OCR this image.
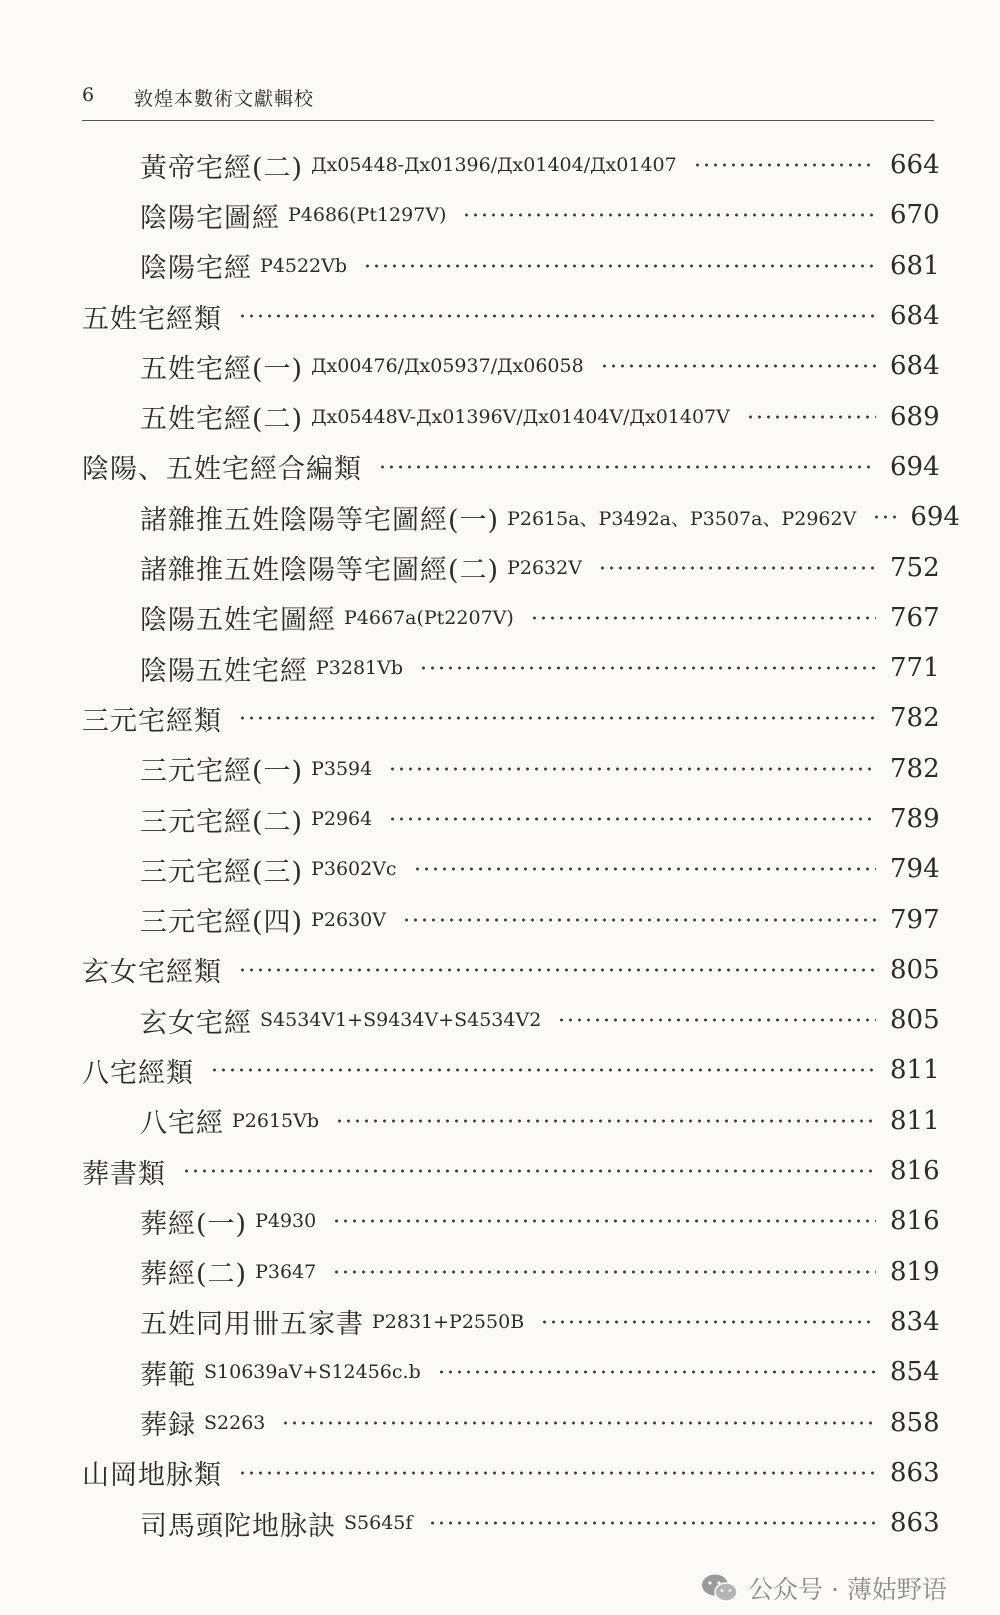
6	敦煌本數術文獻輯校
黃帝宅經(二) Дx05448-Дx01396/Дx01404/Дx01407	664
陰陽宅圖經 P4686(Pt1297V)	670
陰陽宅經 P4522Vb	681
五姓宅經類	684
五姓宅經(一) Дx00476/Дx05937/Дx06058	684
五姓宅經(二) Дx05448V-Дx01396V/Дx01404V/Дx01407V	689
陰陽、五姓宅經合編類	694
諸雜推五姓陰陽等宅圖經(一) P2615a、P3492a、P3507a、P2962V 694
諸雜推五姓陰陽等宅圖經(二) P2632V	752
陰陽五姓宅圖經 P4667a(Pt2207V)	767
陰陽五姓宅經 P3281Vb	771
三元宅經類	782
三元宅經(一) P3594	782
三元宅經(二) P2964	789
三元宅經(三) P3602Vc	794
三元宅經(四) P2630V	797
玄女宅經類	805
玄女宅經 S4534V1+S9434V+S4534V2	805
八宅經類	811
八宅經 P2615Vb	811
葬書類	816
葬經(一) P4930	816
葬經(二) P3647	819
五姓同用卌五家書 P2831+P2550B	834
葬範 S10639aV+S12456c.b	854
葬録 S2263	858
山岡地脉類	863
司馬頭陀地脉訣 S5645f	863
公众号 · 薄姑野语
